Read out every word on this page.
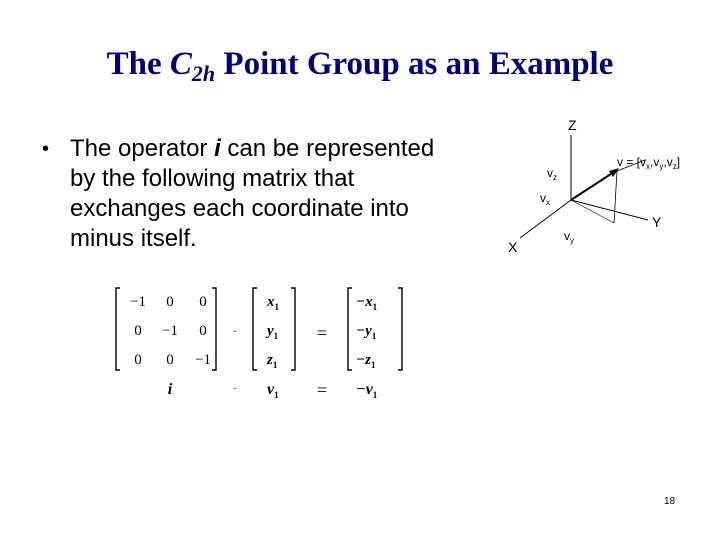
The $C_{2h}$ Point Group as an Example
• The operator i can be represented by the following matrix that exchanges each coordinate into minus itself.
Z
X
Y
$v_z$
$v_x$
$v_y$
$v = [v_x,v_y,v_z]$
−1 0 0
0 −1 0
0 0 −1
·
$x_1$
$y_1$
$z_1$
=
$-x_1$
$-y_1$
$-z_1$
i	· $v_1 = -v_1$
18
